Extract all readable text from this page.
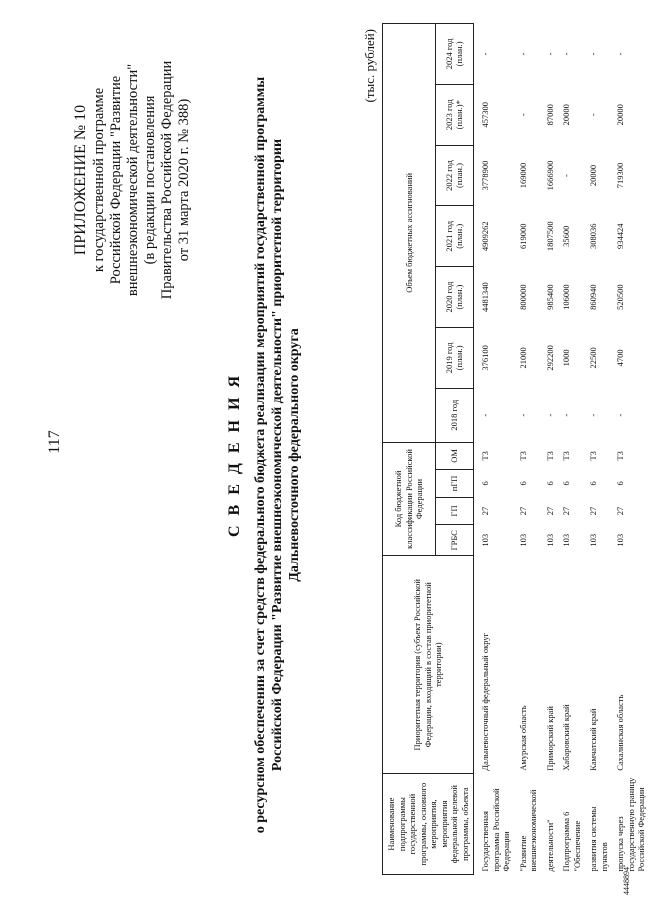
117
ПРИЛОЖЕНИЕ № 10 к государственной программе Российской Федерации "Развитие внешнеэкономической деятельности" (в редакции постановления Правительства Российской Федерации от 31 марта 2020 г. № 388)
С В Е Д Е Н И Я о ресурсном обеспечении за счет средств федерального бюджета реализации мероприятий государственной программы Российской Федерации "Развитие внешнеэкономической деятельности" приоритетной территории Дальневосточного федерального округа
(тыс. рублей)
Наименование подпрограммы государственной программы, основного мероприятия, мероприятия федеральной целевой программы, объекта	Приоритетная территория (субъект Российской Федерации, входящий в состав приоритетной территории)	Код бюджетной классификации Российской Федерации				Объем бюджетных ассигнований						
		ГРБС	ГП	пГП	ОМ	2018 год	2019 год (план.)	2020 год (план.)	2021 год (план.)	2022 год (план.)	2023 год (план.)*	2024 год (план.)
Государственная программа Российской Федерации	Дальневосточный федеральный округ	103	27	6	Т3	-	376100	4481340	4909262	3778900	457300	-
"Развитие внешнеэкономической	Амурская область	103	27	6	Т3	-	21000	800000	619000	169000	-	-
деятельности"	Приморский край	103	27	6	Т3	-	292200	985400	1807500	1666900	87000	-
Подпрограмма 6 "Обеспечение	Хабаровский край	103	27	6	Т3	-	1000	106000	35600	-	20000	-
развития системы пунктов	Камчатский край	103	27	6	Т3	-	22500	860940	308036	20000	-	-
пропуска через государственную границу Российской Федерации	Сахалинская область	103	27	6	Т3	-	4700	520500	934424	719300	20000	-
4448894
